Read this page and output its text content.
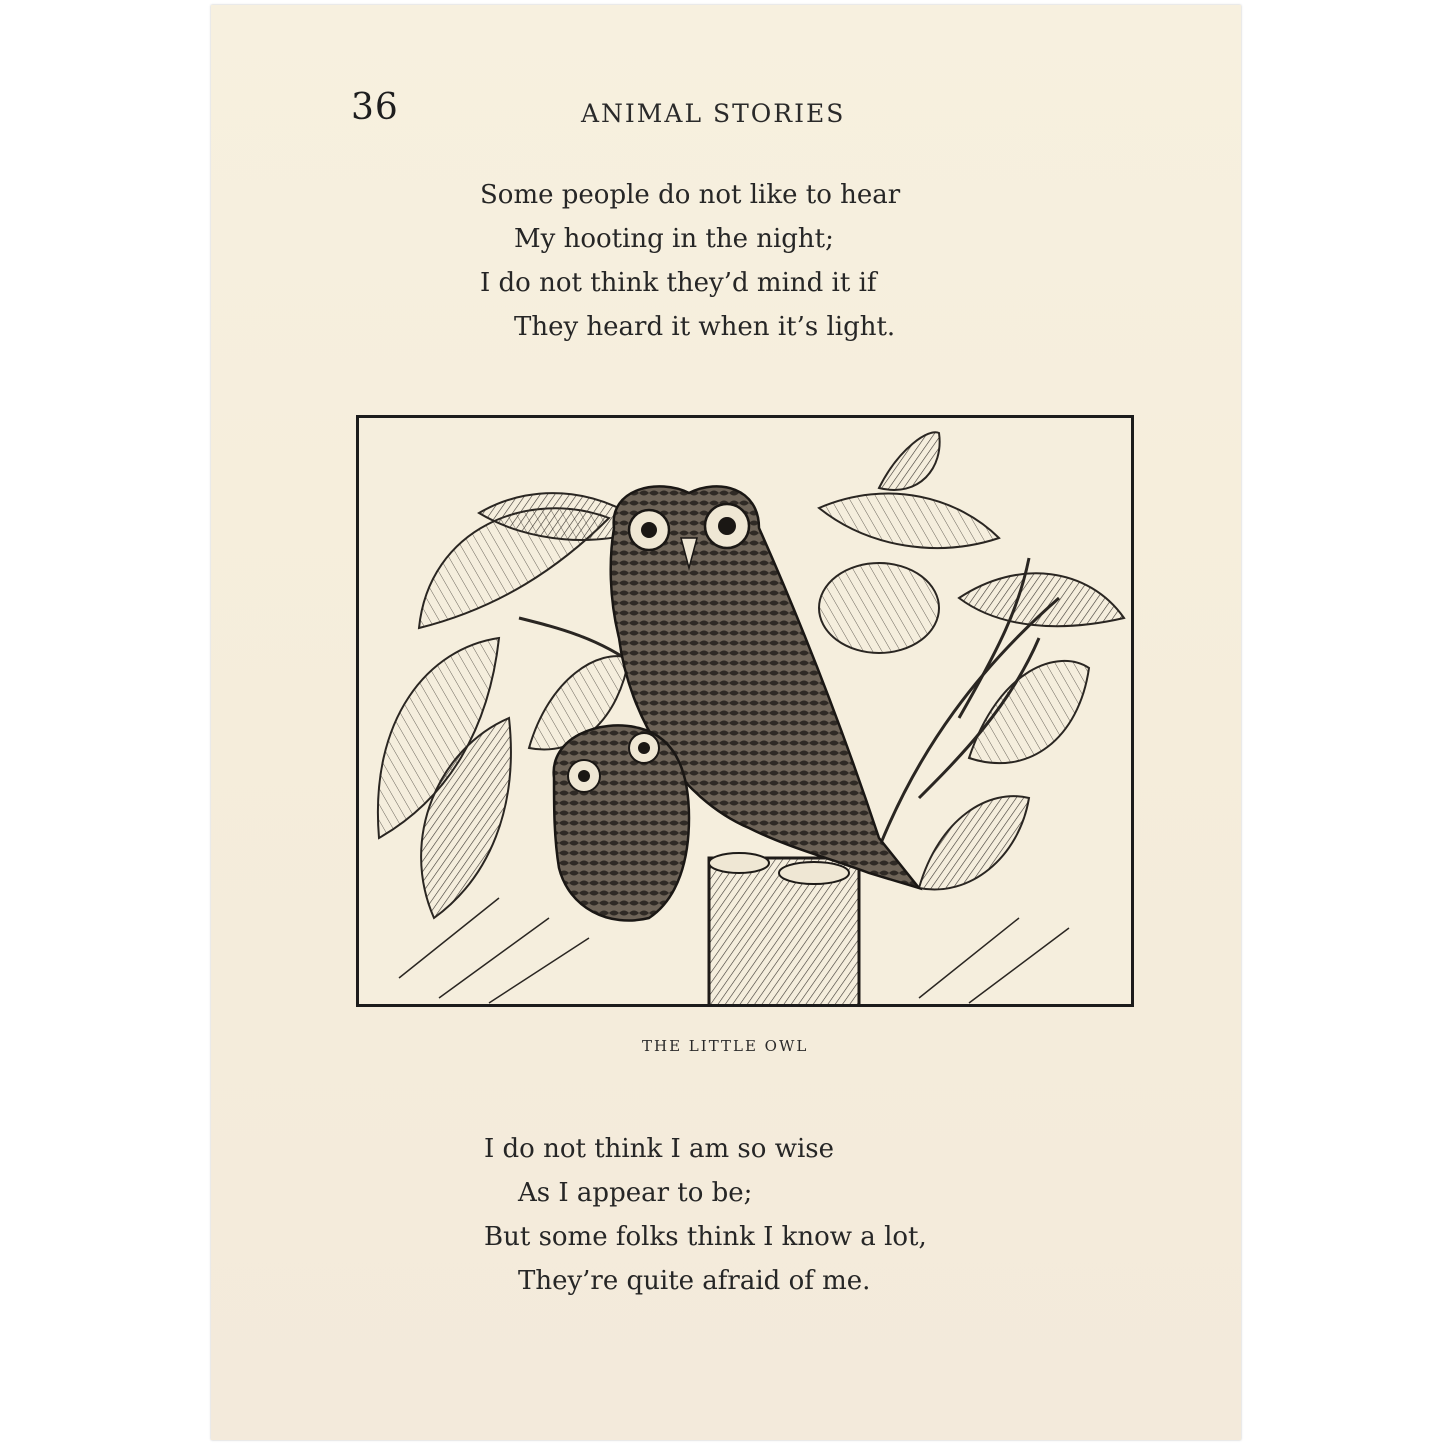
36	ANIMAL STORIES
Some people do not like to hear
My hooting in the night;
I do not think they’d mind it if
They heard it when it’s light.
THE LITTLE OWL
I do not think I am so wise
As I appear to be;
But some folks think I know a lot,
They’re quite afraid of me.
